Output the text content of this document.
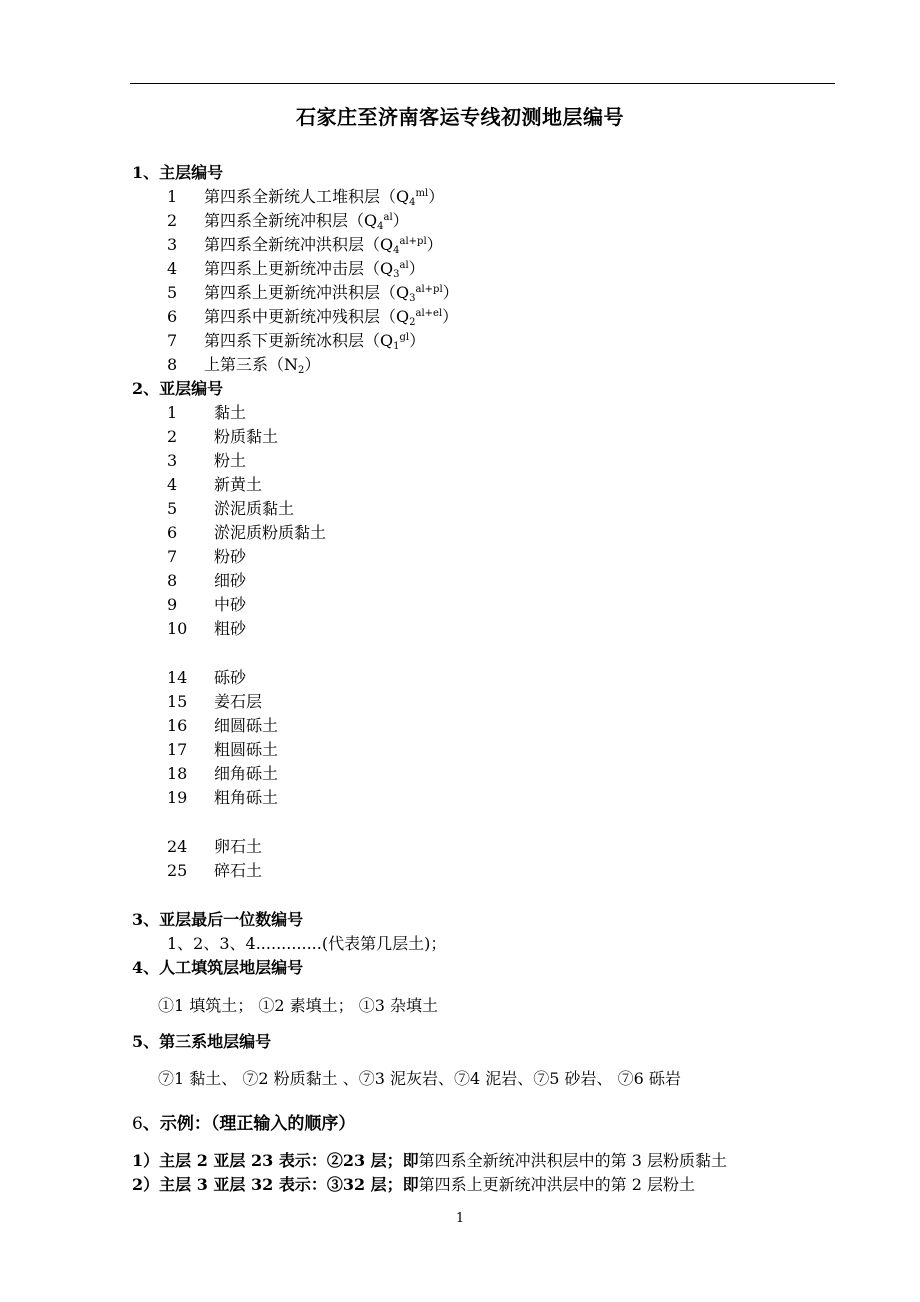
石家庄至济南客运专线初测地层编号
1、主层编号
1 第四系全新统人工堆积层$(Q_4^{ml})$
2 第四系全新统冲积层$(Q_4^{al})$
3 第四系全新统冲洪积层$(Q_4^{al+pl})$
4 第四系上更新统冲击层$(Q_3^{al})$
5 第四系上更新统冲洪积层$(Q_3^{al+pl})$
6 第四系中更新统冲残积层$(Q_2^{al+el})$
7 第四系下更新统冰积层$(Q_1^{gl})$
8 上第三系$(N_2)$
2、亚层编号
1 黏土
2 粉质黏土
3 粉土
4 新黄土
5 淤泥质黏土
6 淤泥质粉质黏土
7 粉砂
8 细砂
9 中砂
10 粗砂
14 砾砂
15 姜石层
16 细圆砾土
17 粗圆砾土
18 细角砾土
19 粗角砾土
24 卵石土
25 碎石土
3、亚层最后一位数编号
1、2、3、4.............(代表第几层土)；
4、人工填筑层地层编号
①1 填筑土； ①2 素填土； ①3 杂填土
5、第三系地层编号
⑦1 黏土、 ⑦2 粉质黏土 、⑦3 泥灰岩、⑦4 泥岩、⑦5 砂岩、 ⑦6 砾岩
6、示例：（理正输入的顺序）
1）主层 2 亚层 23 表示：②23 层；即第四系全新统冲洪积层中的第 3 层粉质黏土
2）主层 3 亚层 32 表示：③32 层；即第四系上更新统冲洪层中的第 2 层粉土
1
